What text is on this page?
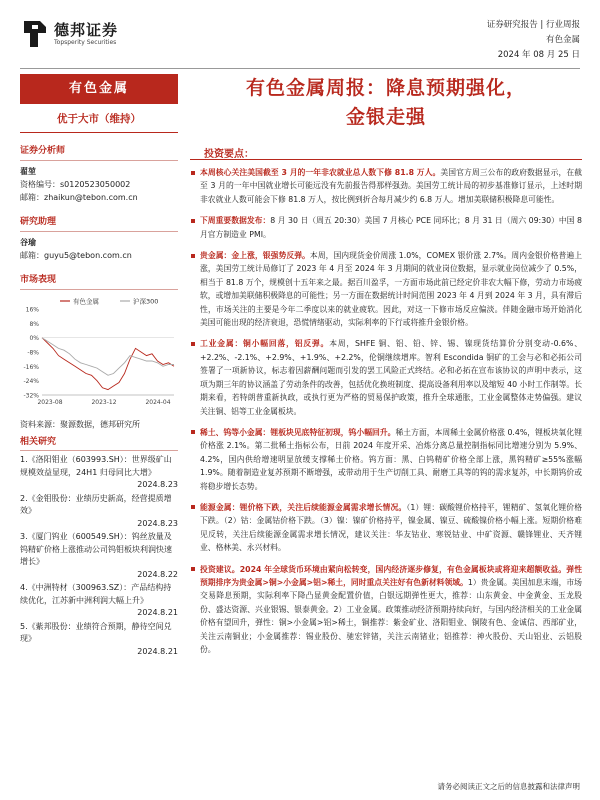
德邦证券
Topsperity Securities
证券研究报告 | 行业周报
有色金属
2024 年 08 月 25 日
有色金属
优于大市（维持）
证券分析师
翟堃
资格编号：s0120523050002
邮箱：zhaikun@tebon.com.cn
研究助理
谷瑜
邮箱：guyu5@tebon.com.cn
市场表现
16%
8%
0%
-8%
-16%
-24%
-32%
2023-08	2023-12	2024-04
有色金属	沪深300
资料来源：聚源数据，德邦研究所
相关研究
1.《洛阳钼业（603993.SH）：世界级矿山规模效益显现，24H1 归母同比大增》
2024.8.23
2.《金钼股份：业绩历史新高，经营提质增效》
2024.8.23
3.《厦门钨业（600549.SH）：钨丝放量及钨精矿价格上涨推动公司钨钼板块利润快速增长》
2024.8.22
4.《中洲特材（300963.SZ）：产品结构持续优化，江苏新中洲利润大幅上升》
2024.8.21
5.《紫邦股份：业绩符合预期，静待空间兑现》
2024.8.21
有色金属周报：降息预期强化，
金银走强
投资要点：
本周核心关注美国截至 3 月的一年非农就业总人数下修 81.8 万人。美国官方周三公布的政府数据显示，在截至 3 月的一年中国就业增长可能远没有先前报告得那样强劲。美国劳工统计局的初步基准修订显示，上述时期非农就业人数可能会下修 81.8 万人，按比例到折合每月减少约 6.8 万人。增加美联储积极降息可能性。
下周重要数据发布：8 月 30 日（周五 20:30）美国 7 月核心 PCE 同环比；8 月 31 日（周六 09:30）中国 8 月官方制造业 PMI。
贵金属：金上涨，银强势反弹。本周，国内现货金价周涨 1.0%，COMEX 银价涨 2.7%。周内金银价格普遍上涨，美国劳工统计局修订了 2023 年 4 月至 2024 年 3 月期间的就业岗位数据，显示就业岗位减少了 0.5%，相当于 81.8 万个，规模创十五年来之最。据百川盈孚，一方面市场此前已经定价非农大幅下修，劳动力市场疲软，或增加美联储积极降息的可能性；另一方面在数据统计时间范围 2023 年 4 月到 2024 年 3 月，具有滞后性，市场关注的主要是今年二季度以来的就业疲软。因此，对这一下修市场反应偏淡。伴随金融市场开始消化美国可能出现的经济衰退，恐慌情绪驱动，实际利率的下行或将推升金银价格。
工业金属：铜小幅回落，铝反弹。本周，SHFE 铜、铝、铅、锌、锡、镍现货结算价分别变动-0.6%、+2.2%、-2.1%、+2.9%、+1.9%、+2.2%，伦铜继续增库。智利 Escondida 铜矿的工会与必和必拓公司签署了一项新协议，标志着因薪酬问题而引发的罢工风险正式终结。必和必拓在宣布该协议的声明中表示，这项为期三年的协议涵盖了劳动条件的改善，包括优化换班制度、提高设备利用率以及缩短 40 小时工作制等。长期来看，若特朗普重新执政，或执行更为严格的贸易保护政策，推升全球通胀，工业金属整体走势偏强。建议关注铜、铝等工业金属板块。
稀土、钨等小金属：锂板块见底特征初现，钨小幅回升。稀土方面，本周稀土金属价格涨 0.4%，锂板块氧化锂价格涨 2.1%。第二批稀土指标公布，日前 2024 年度开采、冶炼分离总量控制指标同比增速分别为 5.9%、4.2%，国内供给增速明显放缓支撑稀土价格。钨方面：黑、白钨精矿价格全部上涨，黑钨精矿≥55%涨幅 1.9%。随着制造业复苏预期不断增强，或带动用于生产切削工具、耐磨工具等的钨的需求复苏，中长期钨价或将稳步增长态势。
能源金属：锂价格下跌，关注后续能源金属需求增长情况。（1）锂：碳酸锂价格持平，锂精矿、氢氧化锂价格下跌。（2）钴：金属钴价格下跌。（3）镍：镍矿价格持平，镍金属、镍豆、硫酸镍价格小幅上涨。短期价格难见反转，关注后续能源金属需求增长情况，建议关注：华友钴业、寒锐钴业、中矿资源、赣锋锂业、天齐锂业、格林美、永兴材料。
投资建议。2024 年全球货币环境由紧向松转变，国内经济逐步修复，有色金属板块或将迎来超额收益。弹性预期排序为贵金属>铜>小金属>铝>稀土，同时重点关注好有色新材料领域。1）贵金属。美国加息末端，市场交易降息预期，实际利率下降凸显黄金配置价值，白银远期弹性更大，推荐：山东黄金、中金黄金、玉龙股份、盛达资源、兴业银锡、银泰黄金。2）工业金属。政策推动经济预期持续向好，与国内经济相关的工业金属价格有望回升，弹性：铜>小金属>铝>稀土，铜推荐：紫金矿业、洛阳钼业、铜陵有色、金诚信、西部矿业，关注云南铜业；小金属推荐：锡业股份、驰宏锌锗，关注云南锗业；铝推荐：神火股份、天山铝业、云铝股份。
请务必阅读正文之后的信息披露和法律声明
